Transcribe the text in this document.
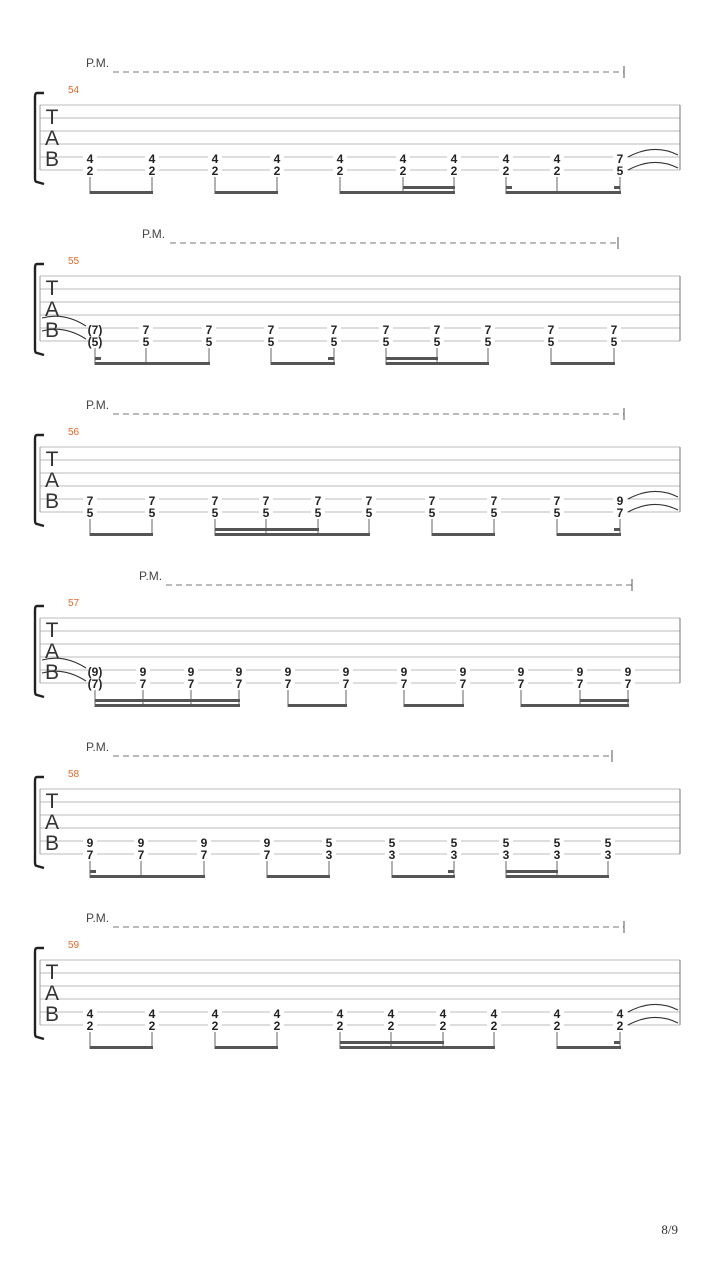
P.M.
54
T
A
B 4
2
4
2
4
2
4
2
4
2
4
2
4
2
4
2
4
2
7
5
P.M.
55
T
A
B (7)
(5)
7
5
7
5
7
5
7
5
7
5
7
5
7
5
7
5
7
5
P.M.
56
T
A
B 7
5
7
5
7
5
7
5
7
5
7
5
7
5
7
5
7
5
9
7
P.M.
57
T
A
B (9)
(7)
9
7
9
7
9
7
9
7
9
7
9
7
9
7
9
7
9
7
9
7
P.M.
58
T
A
B 9
7
9
7
9
7
9
7
5
3
5
3
5
3
5
3
5
3
5
3
P.M.
59
T
A
B 4
2
4
2
4
2
4
2
4
2
4
2
4
2
4
2
4
2
4
2
8/9
